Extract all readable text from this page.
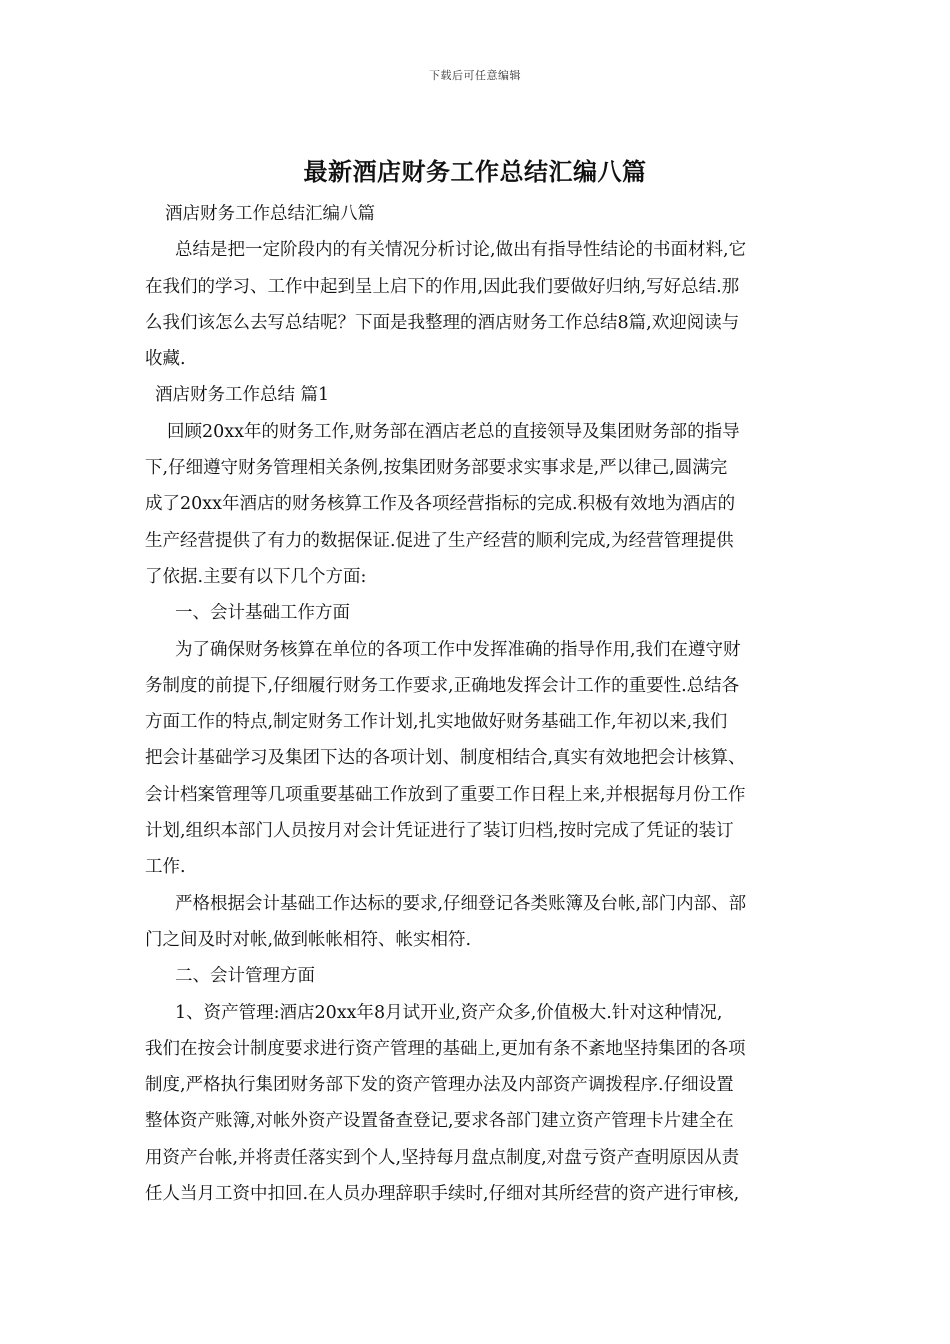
下载后可任意编辑
最新酒店财务工作总结汇编八篇

酒店财务工作总结汇编八篇

总结是把一定阶段内的有关情况分析讨论,做出有指导性结论的书面材料,它

在我们的学习、工作中起到呈上启下的作用,因此我们要做好归纳,写好总结.那

么我们该怎么去写总结呢？下面是我整理的酒店财务工作总结8篇,欢迎阅读与

收藏.

酒店财务工作总结 篇1

回顾20xx年的财务工作,财务部在酒店老总的直接领导及集团财务部的指导

下,仔细遵守财务管理相关条例,按集团财务部要求实事求是,严以律己,圆满完

成了20xx年酒店的财务核算工作及各项经营指标的完成.积极有效地为酒店的

生产经营提供了有力的数据保证.促进了生产经营的顺利完成,为经营管理提供

了依据.主要有以下几个方面:

一、会计基础工作方面

为了确保财务核算在单位的各项工作中发挥准确的指导作用,我们在遵守财

务制度的前提下,仔细履行财务工作要求,正确地发挥会计工作的重要性.总结各

方面工作的特点,制定财务工作计划,扎实地做好财务基础工作,年初以来,我们

把会计基础学习及集团下达的各项计划、制度相结合,真实有效地把会计核算、

会计档案管理等几项重要基础工作放到了重要工作日程上来,并根据每月份工作

计划,组织本部门人员按月对会计凭证进行了装订归档,按时完成了凭证的装订

工作.

严格根据会计基础工作达标的要求,仔细登记各类账簿及台帐,部门内部、部

门之间及时对帐,做到帐帐相符、帐实相符.

二、会计管理方面

1、资产管理:酒店20xx年8月试开业,资产众多,价值极大.针对这种情况,

我们在按会计制度要求进行资产管理的基础上,更加有条不紊地坚持集团的各项

制度,严格执行集团财务部下发的资产管理办法及内部资产调拨程序.仔细设置

整体资产账簿,对帐外资产设置备查登记,要求各部门建立资产管理卡片建全在

用资产台帐,并将责任落实到个人,坚持每月盘点制度,对盘亏资产查明原因从责

任人当月工资中扣回.在人员办理辞职手续时,仔细对其所经营的资产进行审核,
